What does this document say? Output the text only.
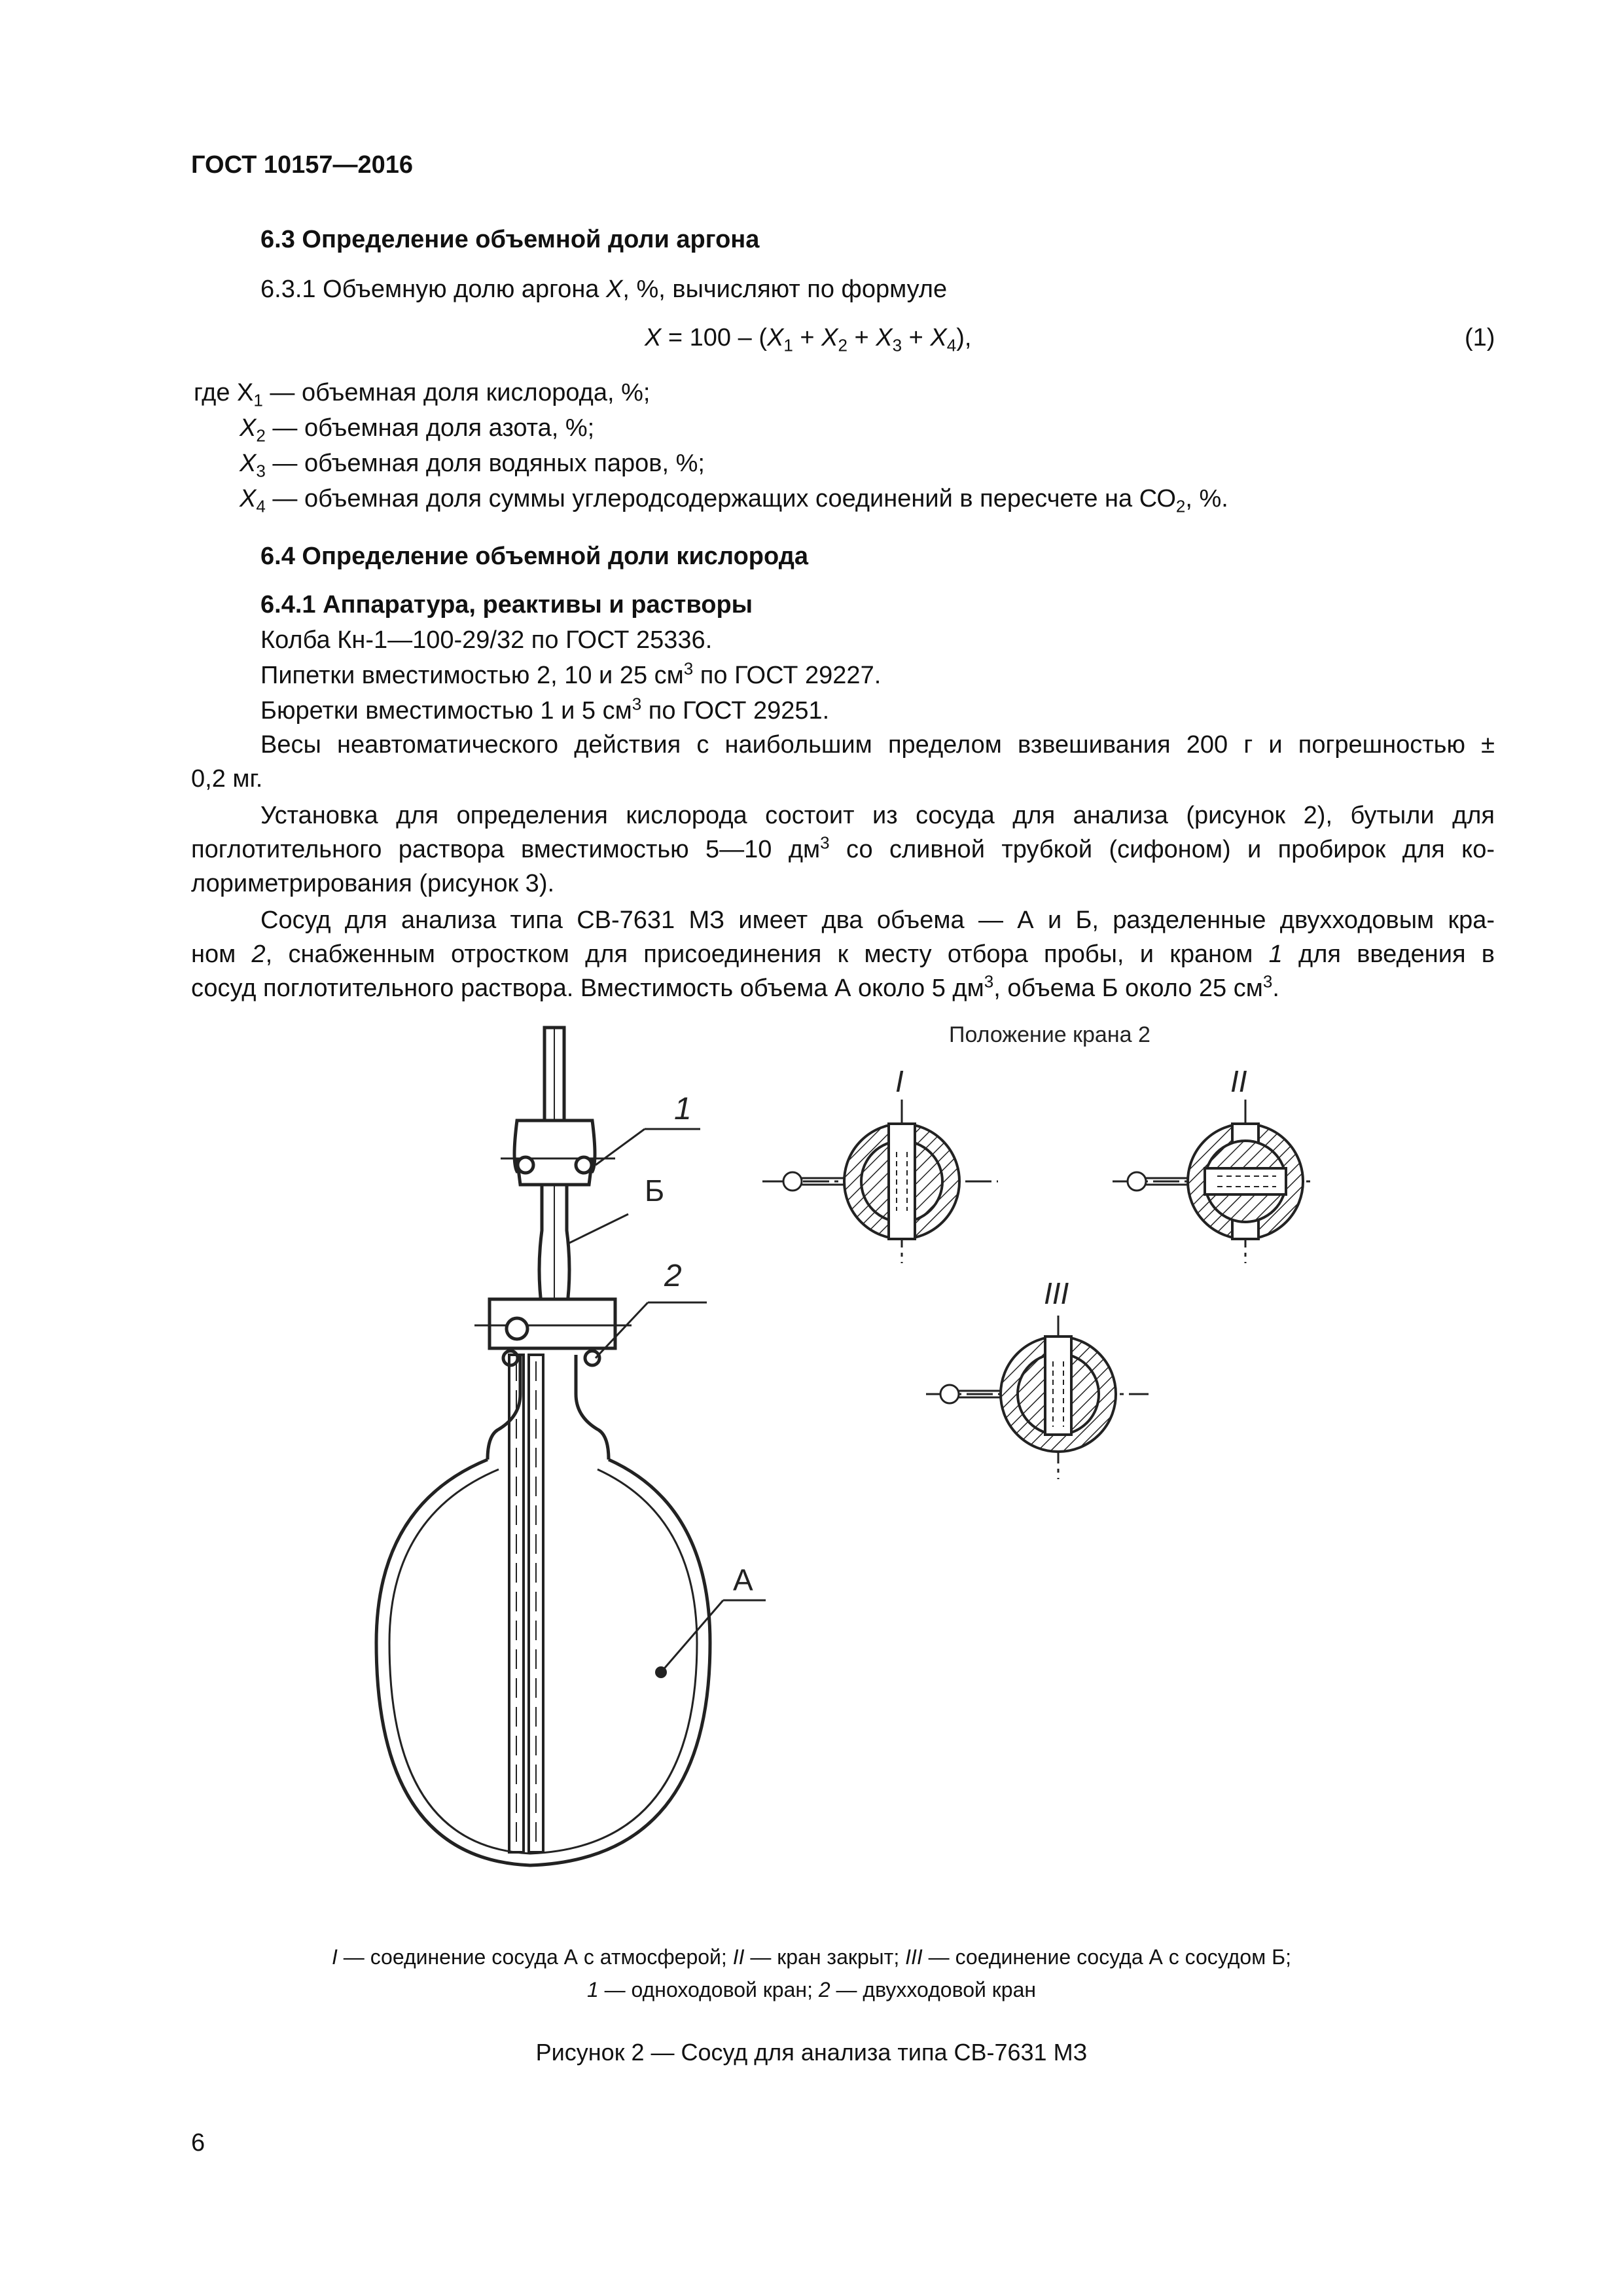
ГОСТ 10157—2016
6.3 Определение объемной доли аргона
6.3.1 Объемную долю аргона X, %, вычисляют по формуле
$X = 100 - (X_1 + X_2 + X_3 + X_4)$,	(1)
где $X_1$ — объемная доля кислорода, %;
$X_2$ — объемная доля азота, %;
$X_3$ — объемная доля водяных паров, %;
$X_4$ — объемная доля суммы углеродсодержащих соединений в пересчете на $СО_2$, %.
6.4 Определение объемной доли кислорода
6.4.1 Аппаратура, реактивы и растворы
Колба Кн-1—100-29/32 по ГОСТ 25336.
Пипетки вместимостью 2, 10 и 25 $см^3$ по ГОСТ 29227.
Бюретки вместимостью 1 и 5 $см^3$ по ГОСТ 29251.
Весы неавтоматического действия с наибольшим пределом взвешивания 200 г и погрешностью ±
0,2 мг.
Установка для определения кислорода состоит из сосуда для анализа (рисунок 2), бутыли для
поглотительного раствора вместимостью 5—10 $дм^3$ со сливной трубкой (сифоном) и пробирок для ко-
лориметрирования (рисунок 3).
Сосуд для анализа типа СВ-7631 МЗ имеет два объема — А и Б, разделенные двухходовым кра-
ном 2, снабженным отростком для присоединения к месту отбора пробы, и краном 1 для введения в
сосуд поглотительного раствора. Вместимость объема А около 5 $дм^3$, объема Б около 25 $см^3$.
1
Б
2
А
Положение крана 2
I	II
III
I — соединение сосуда А с атмосферой; II — кран закрыт; III — соединение сосуда А с сосудом Б;
1 — одноходовой кран; 2 — двухходовой кран
Рисунок 2 — Сосуд для анализа типа СВ-7631 МЗ
6
